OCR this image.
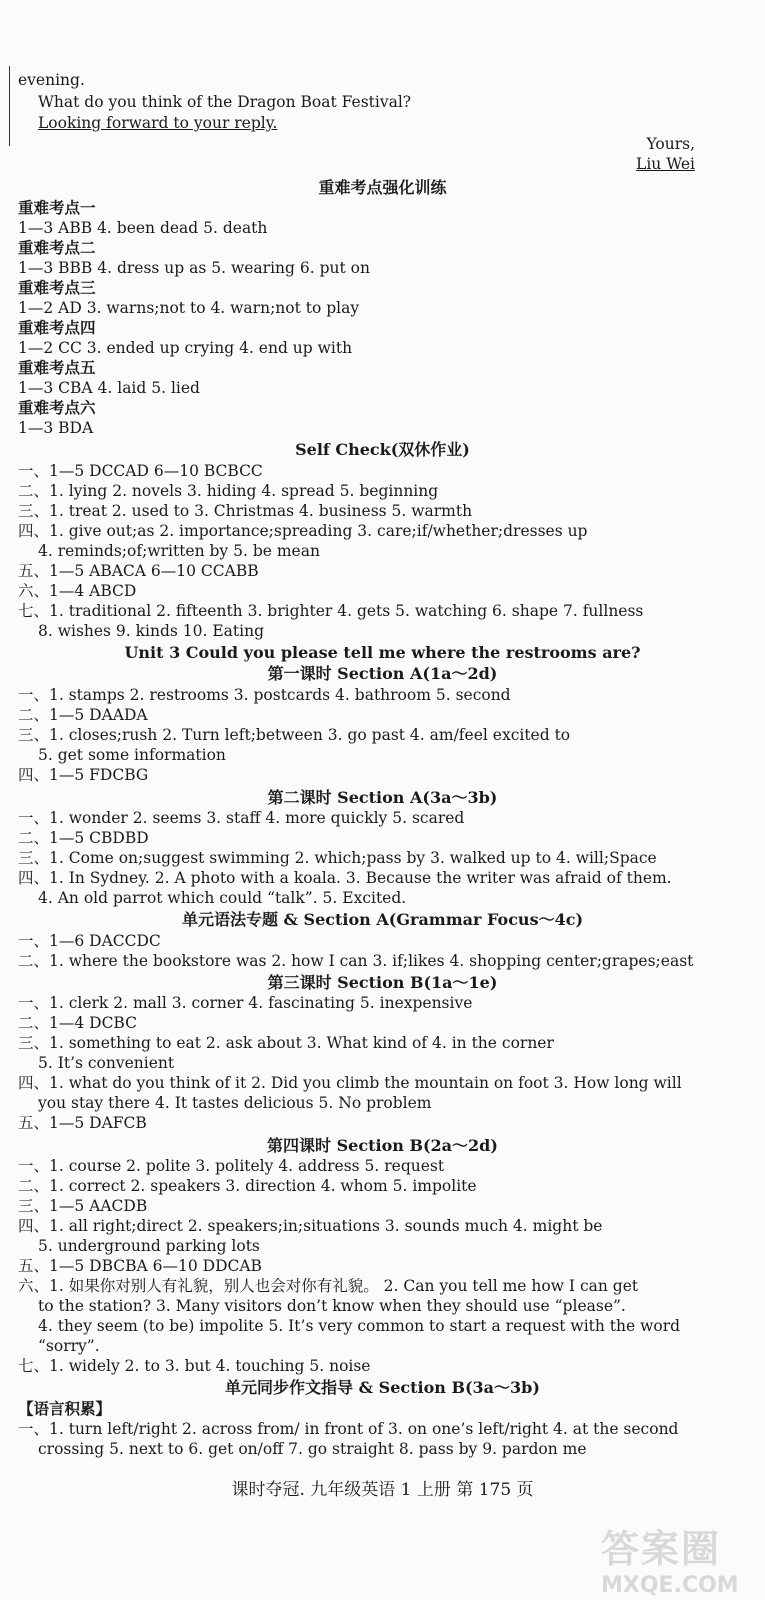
evening.
What do you think of the Dragon Boat Festival?
Looking forward to your reply.
Yours,
Liu Wei
重难考点强化训练
重难考点一
1—3 ABB 4. been dead 5. death
重难考点二
1—3 BBB 4. dress up as 5. wearing 6. put on
重难考点三
1—2 AD 3. warns;not to 4. warn;not to play
重难考点四
1—2 CC 3. ended up crying 4. end up with
重难考点五
1—3 CBA 4. laid 5. lied
重难考点六
1—3 BDA
Self Check(双休作业)
一、1—5 DCCAD 6—10 BCBCC
二、1. lying 2. novels 3. hiding 4. spread 5. beginning
三、1. treat 2. used to 3. Christmas 4. business 5. warmth
四、1. give out;as 2. importance;spreading 3. care;if/whether;dresses up
4. reminds;of;written by 5. be mean
五、1—5 ABACA 6—10 CCABB
六、1—4 ABCD
七、1. traditional 2. fifteenth 3. brighter 4. gets 5. watching 6. shape 7. fullness
8. wishes 9. kinds 10. Eating
Unit 3 Could you please tell me where the restrooms are?
第一课时 Section A(1a～2d)
一、1. stamps 2. restrooms 3. postcards 4. bathroom 5. second
二、1—5 DAADA
三、1. closes;rush 2. Turn left;between 3. go past 4. am/feel excited to
5. get some information
四、1—5 FDCBG
第二课时 Section A(3a～3b)
一、1. wonder 2. seems 3. staff 4. more quickly 5. scared
二、1—5 CBDBD
三、1. Come on;suggest swimming 2. which;pass by 3. walked up to 4. will;Space
四、1. In Sydney. 2. A photo with a koala. 3. Because the writer was afraid of them.
4. An old parrot which could “talk”. 5. Excited.
单元语法专题 & Section A(Grammar Focus～4c)
一、1—6 DACCDC
二、1. where the bookstore was 2. how I can 3. if;likes 4. shopping center;grapes;east
第三课时 Section B(1a～1e)
一、1. clerk 2. mall 3. corner 4. fascinating 5. inexpensive
二、1—4 DCBC
三、1. something to eat 2. ask about 3. What kind of 4. in the corner
5. It’s convenient
四、1. what do you think of it 2. Did you climb the mountain on foot 3. How long will
you stay there 4. It tastes delicious 5. No problem
五、1—5 DAFCB
第四课时 Section B(2a～2d)
一、1. course 2. polite 3. politely 4. address 5. request
二、1. correct 2. speakers 3. direction 4. whom 5. impolite
三、1—5 AACDB
四、1. all right;direct 2. speakers;in;situations 3. sounds much 4. might be
5. underground parking lots
五、1—5 DBCBA 6—10 DDCAB
六、1. 如果你对别人有礼貌，别人也会对你有礼貌。 2. Can you tell me how I can get
to the station? 3. Many visitors don’t know when they should use “please”.
4. they seem (to be) impolite 5. It’s very common to start a request with the word
“sorry”.
七、1. widely 2. to 3. but 4. touching 5. noise
单元同步作文指导 & Section B(3a～3b)
【语言积累】
一、1. turn left/right 2. across from/ in front of 3. on one’s left/right 4. at the second
crossing 5. next to 6. get on/off 7. go straight 8. pass by 9. pardon me
课时夺冠. 九年级英语 1 上册 第 175 页
答案圈
MXQE.COM
